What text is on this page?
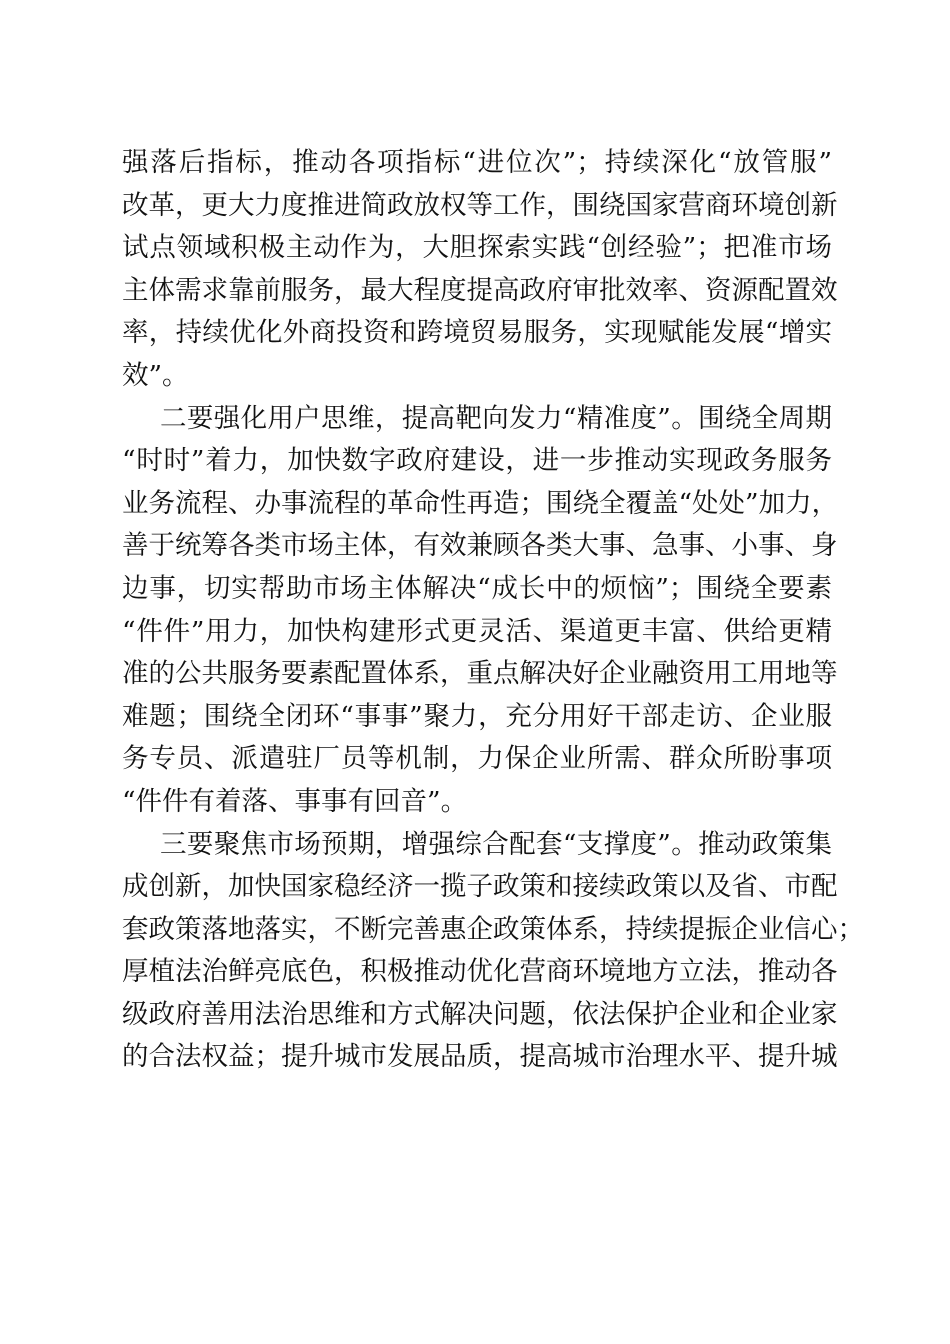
强落后指标，推动各项指标“进位次”；持续深化“放管服”
改革，更大力度推进简政放权等工作，围绕国家营商环境创新
试点领域积极主动作为，大胆探索实践“创经验”；把准市场
主体需求靠前服务，最大程度提高政府审批效率、资源配置效
率，持续优化外商投资和跨境贸易服务，实现赋能发展“增实
效”。
二要强化用户思维，提高靶向发力“精准度”。围绕全周期
“时时”着力，加快数字政府建设，进一步推动实现政务服务
业务流程、办事流程的革命性再造；围绕全覆盖“处处”加力，
善于统筹各类市场主体，有效兼顾各类大事、急事、小事、身
边事，切实帮助市场主体解决“成长中的烦恼”；围绕全要素
“件件”用力，加快构建形式更灵活、渠道更丰富、供给更精
准的公共服务要素配置体系，重点解决好企业融资用工用地等
难题；围绕全闭环“事事”聚力，充分用好干部走访、企业服
务专员、派遣驻厂员等机制，力保企业所需、群众所盼事项
“件件有着落、事事有回音”。
三要聚焦市场预期，增强综合配套“支撑度”。推动政策集
成创新，加快国家稳经济一揽子政策和接续政策以及省、市配
套政策落地落实，不断完善惠企政策体系，持续提振企业信心；
厚植法治鲜亮底色，积极推动优化营商环境地方立法，推动各
级政府善用法治思维和方式解决问题，依法保护企业和企业家
的合法权益；提升城市发展品质，提高城市治理水平、提升城
